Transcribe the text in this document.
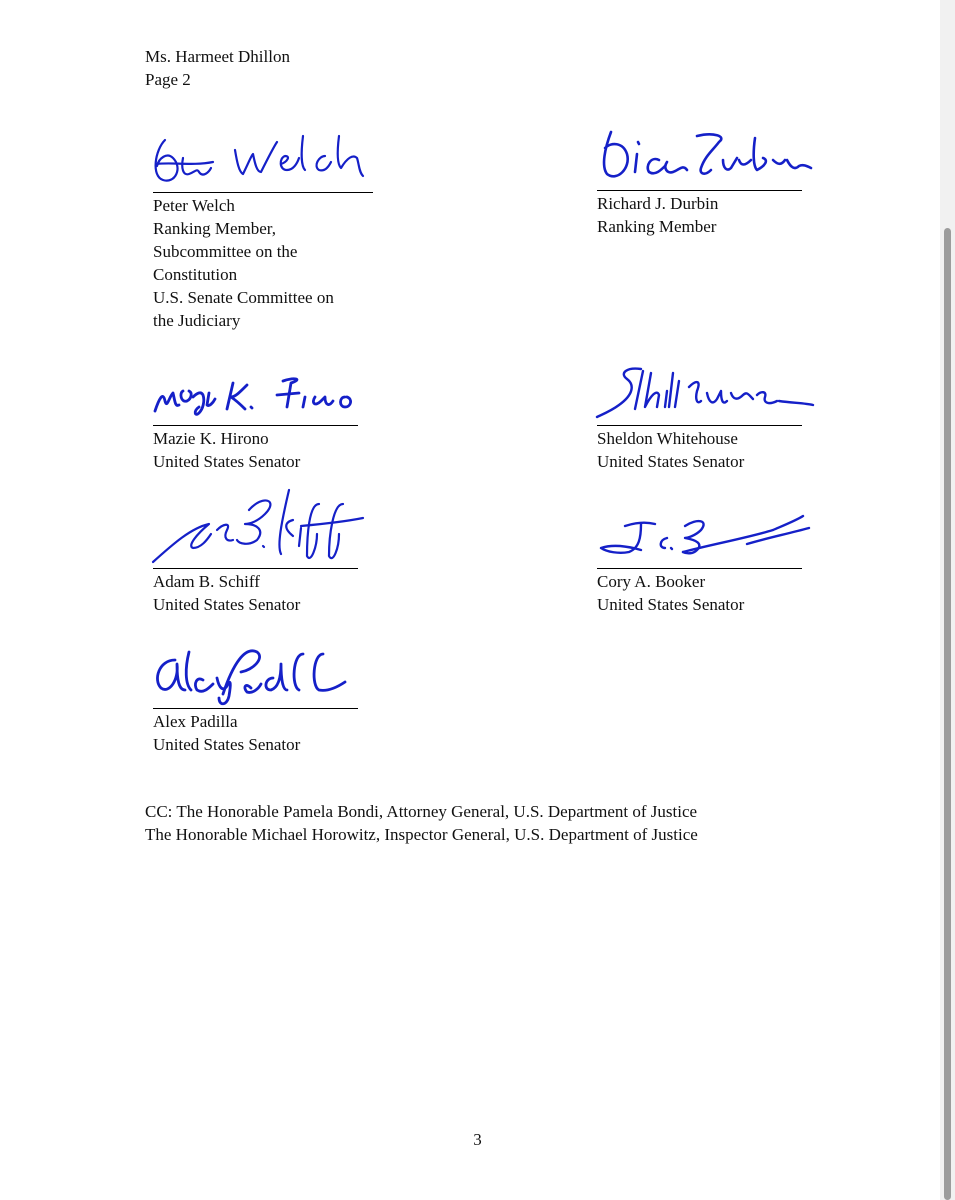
Ms. Harmeet Dhillon
Page 2
Peter Welch
Ranking Member,
Subcommittee on the
Constitution
U.S. Senate Committee on
the Judiciary
Richard J. Durbin
Ranking Member
Mazie K. Hirono
United States Senator
Sheldon Whitehouse
United States Senator
Adam B. Schiff
United States Senator
Cory A. Booker
United States Senator
Alex Padilla
United States Senator
CC: The Honorable Pamela Bondi, Attorney General, U.S. Department of Justice
The Honorable Michael Horowitz, Inspector General, U.S. Department of Justice
3
